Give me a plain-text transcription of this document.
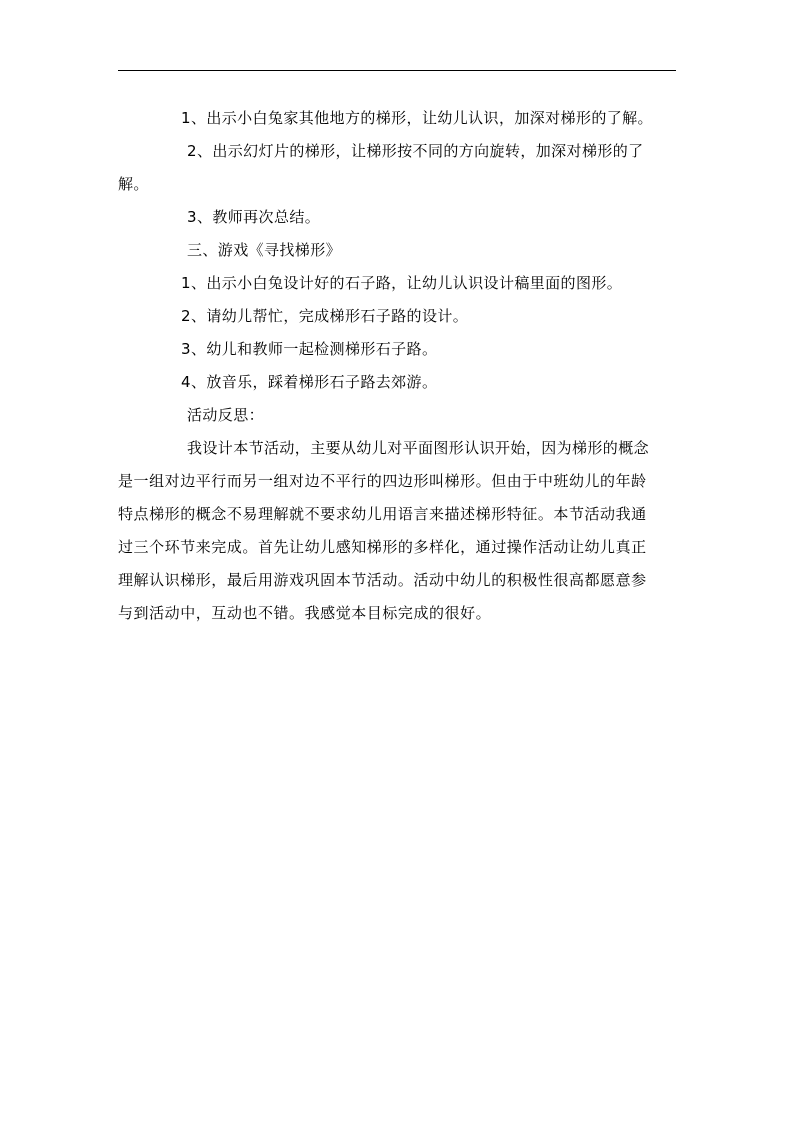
1、出示小白兔家其他地方的梯形，让幼儿认识，加深对梯形的了解。
2、出示幻灯片的梯形，让梯形按不同的方向旋转，加深对梯形的了
解。
3、教师再次总结。
三、游戏《寻找梯形》
1、出示小白兔设计好的石子路，让幼儿认识设计稿里面的图形。
2、请幼儿帮忙，完成梯形石子路的设计。
3、幼儿和教师一起检测梯形石子路。
4、放音乐，踩着梯形石子路去郊游。
活动反思：
我设计本节活动，主要从幼儿对平面图形认识开始，因为梯形的概念
是一组对边平行而另一组对边不平行的四边形叫梯形。但由于中班幼儿的年龄
特点梯形的概念不易理解就不要求幼儿用语言来描述梯形特征。本节活动我通
过三个环节来完成。首先让幼儿感知梯形的多样化，通过操作活动让幼儿真正
理解认识梯形，最后用游戏巩固本节活动。活动中幼儿的积极性很高都愿意参
与到活动中，互动也不错。我感觉本目标完成的很好。
